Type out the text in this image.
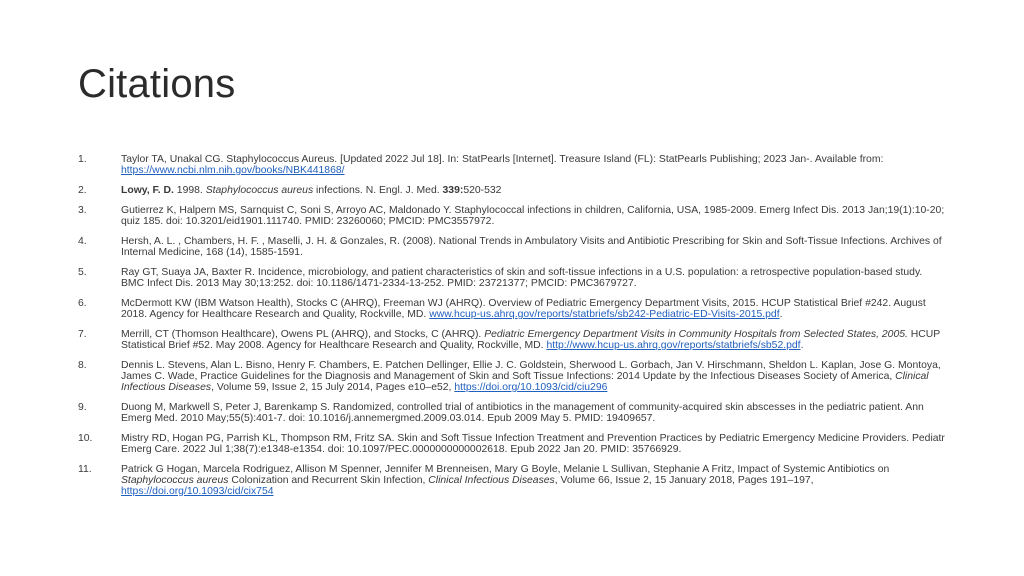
Citations
1.	Taylor TA, Unakal CG. Staphylococcus Aureus. [Updated 2022 Jul 18]. In: StatPearls [Internet]. Treasure Island (FL): StatPearls Publishing; 2023 Jan-. Available from: https://www.ncbi.nlm.nih.gov/books/NBK441868/
2.	Lowy, F. D. 1998. Staphylococcus aureus infections. N. Engl. J. Med. 339:520-532
3.	Gutierrez K, Halpern MS, Sarnquist C, Soni S, Arroyo AC, Maldonado Y. Staphylococcal infections in children, California, USA, 1985-2009. Emerg Infect Dis. 2013 Jan;19(1):10-20; quiz 185. doi: 10.3201/eid1901.111740. PMID: 23260060; PMCID: PMC3557972.
4.	Hersh, A. L. , Chambers, H. F. , Maselli, J. H. & Gonzales, R. (2008). National Trends in Ambulatory Visits and Antibiotic Prescribing for Skin and Soft-Tissue Infections. Archives of Internal Medicine, 168 (14), 1585-1591.
5.	Ray GT, Suaya JA, Baxter R. Incidence, microbiology, and patient characteristics of skin and soft-tissue infections in a U.S. population: a retrospective population-based study. BMC Infect Dis. 2013 May 30;13:252. doi: 10.1186/1471-2334-13-252. PMID: 23721377; PMCID: PMC3679727.
6.	McDermott KW (IBM Watson Health), Stocks C (AHRQ), Freeman WJ (AHRQ). Overview of Pediatric Emergency Department Visits, 2015. HCUP Statistical Brief #242. August 2018. Agency for Healthcare Research and Quality, Rockville, MD. www.hcup-us.ahrq.gov/reports/statbriefs/sb242-Pediatric-ED-Visits-2015.pdf.
7.	Merrill, CT (Thomson Healthcare), Owens PL (AHRQ), and Stocks, C (AHRQ). Pediatric Emergency Department Visits in Community Hospitals from Selected States, 2005. HCUP Statistical Brief #52. May 2008. Agency for Healthcare Research and Quality, Rockville, MD. http://www.hcup-us.ahrq.gov/reports/statbriefs/sb52.pdf.
8.	Dennis L. Stevens, Alan L. Bisno, Henry F. Chambers, E. Patchen Dellinger, Ellie J. C. Goldstein, Sherwood L. Gorbach, Jan V. Hirschmann, Sheldon L. Kaplan, Jose G. Montoya, James C. Wade, Practice Guidelines for the Diagnosis and Management of Skin and Soft Tissue Infections: 2014 Update by the Infectious Diseases Society of America, Clinical Infectious Diseases, Volume 59, Issue 2, 15 July 2014, Pages e10–e52, https://doi.org/10.1093/cid/ciu296
9.	Duong M, Markwell S, Peter J, Barenkamp S. Randomized, controlled trial of antibiotics in the management of community-acquired skin abscesses in the pediatric patient. Ann Emerg Med. 2010 May;55(5):401-7. doi: 10.1016/j.annemergmed.2009.03.014. Epub 2009 May 5. PMID: 19409657.
10.	Mistry RD, Hogan PG, Parrish KL, Thompson RM, Fritz SA. Skin and Soft Tissue Infection Treatment and Prevention Practices by Pediatric Emergency Medicine Providers. Pediatr Emerg Care. 2022 Jul 1;38(7):e1348-e1354. doi: 10.1097/PEC.0000000000002618. Epub 2022 Jan 20. PMID: 35766929.
11.	Patrick G Hogan, Marcela Rodriguez, Allison M Spenner, Jennifer M Brenneisen, Mary G Boyle, Melanie L Sullivan, Stephanie A Fritz, Impact of Systemic Antibiotics on Staphylococcus aureus Colonization and Recurrent Skin Infection, Clinical Infectious Diseases, Volume 66, Issue 2, 15 January 2018, Pages 191–197, https://doi.org/10.1093/cid/cix754
